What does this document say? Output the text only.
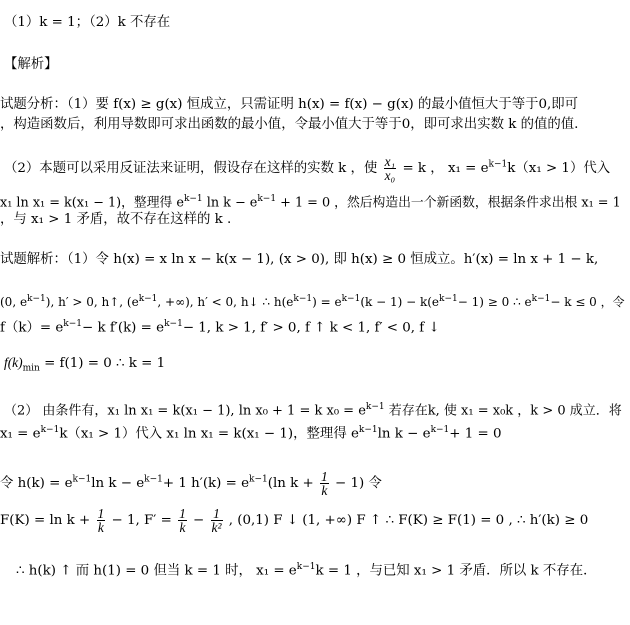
（1）k = 1；（2）k 不存在
【解析】
试题分析：（1）要 f(x) ≥ g(x) 恒成立，只需证明 h(x) = f(x) − g(x) 的最小值恒大于等于0,即可
，构造函数后，利用导数即可求出函数的最小值，令最小值大于等于0，即可求出实数 k 的值的值.
（2）本题可以采用反证法来证明，假设存在这样的实数 k ，使 $\frac{\text{x₁}}{\text{x₀}} = k$ ， $x_1 = e^{k-1}k(x_1 > 1)$代入
x₁ ln x₁ = k(x₁ − 1)，整理得 $e^{k-1}$ $\ln k - e^{k-1} + 1 = 0$ ，然后构造出一个新函数，根据条件求出根 x₁ = 1
，与 x₁ > 1 矛盾，故不存在这样的 k .
试题解析：（1）令 h(x) = x ln x − k(x − 1), (x > 0), 即 h(x) ≥ 0 恒成立。h′(x) = ln x + 1 − k,
(0, $e^{k-1}$), h′ > 0, h↑, ($e^{k-1}$, +∞), h′ < 0, h↓ ∴ $h(e^{k-1}) = e^{k-1}(k - 1) - k(e^{k-1}- 1) \ge 0$ ∴ $e^{k-1}- k \le 0$ ，令
$f(k)= e^{k-1}- k$ $f'(k) = e^{k-1}- 1$, k > 1, f′ > 0, f ↑ k < 1, f′ < 0, f ↓
$f(k)_{min} = f(1) = 0$ ∴ k = 1
（2） 由条件有，x₁ ln x₁ = k(x₁ − 1), ln x₀ + 1 = k $x_0 = e^{k-1}$ 若存在k, 使 x₁ = x₀k ，k > 0 成立．将
$x_1 = e^{k-1}k(x_1 > 1)$代入 x₁ ln x₁ = k(x₁ − 1)，整理得 $e^{k-1}\ln$ $k - e^{k-1}+ 1 = 0$
令 $h(k) = e^{k-1}\ln$ $k - e^{k-1}+ 1$ $h'(k) = e^{k-1}(\ln$ $k + \frac{1}{k} - 1$) 令
$F(K) = \ln k + \frac{1}{k} - 1$, $F' = \frac{1}{k} - \frac{1}{\text{k²}}$ , (0,1) F ↓ (1, +∞) F ↑ ∴ F(K) ≥ F(1) = 0 , ∴ h′(k) ≥ 0
∴ h(k) ↑ 而 h(1) = 0 但当 k = 1 时， $x_1 = e^{k-1}k = 1$ ，与已知 x₁ > 1 矛盾．所以 k 不存在．
